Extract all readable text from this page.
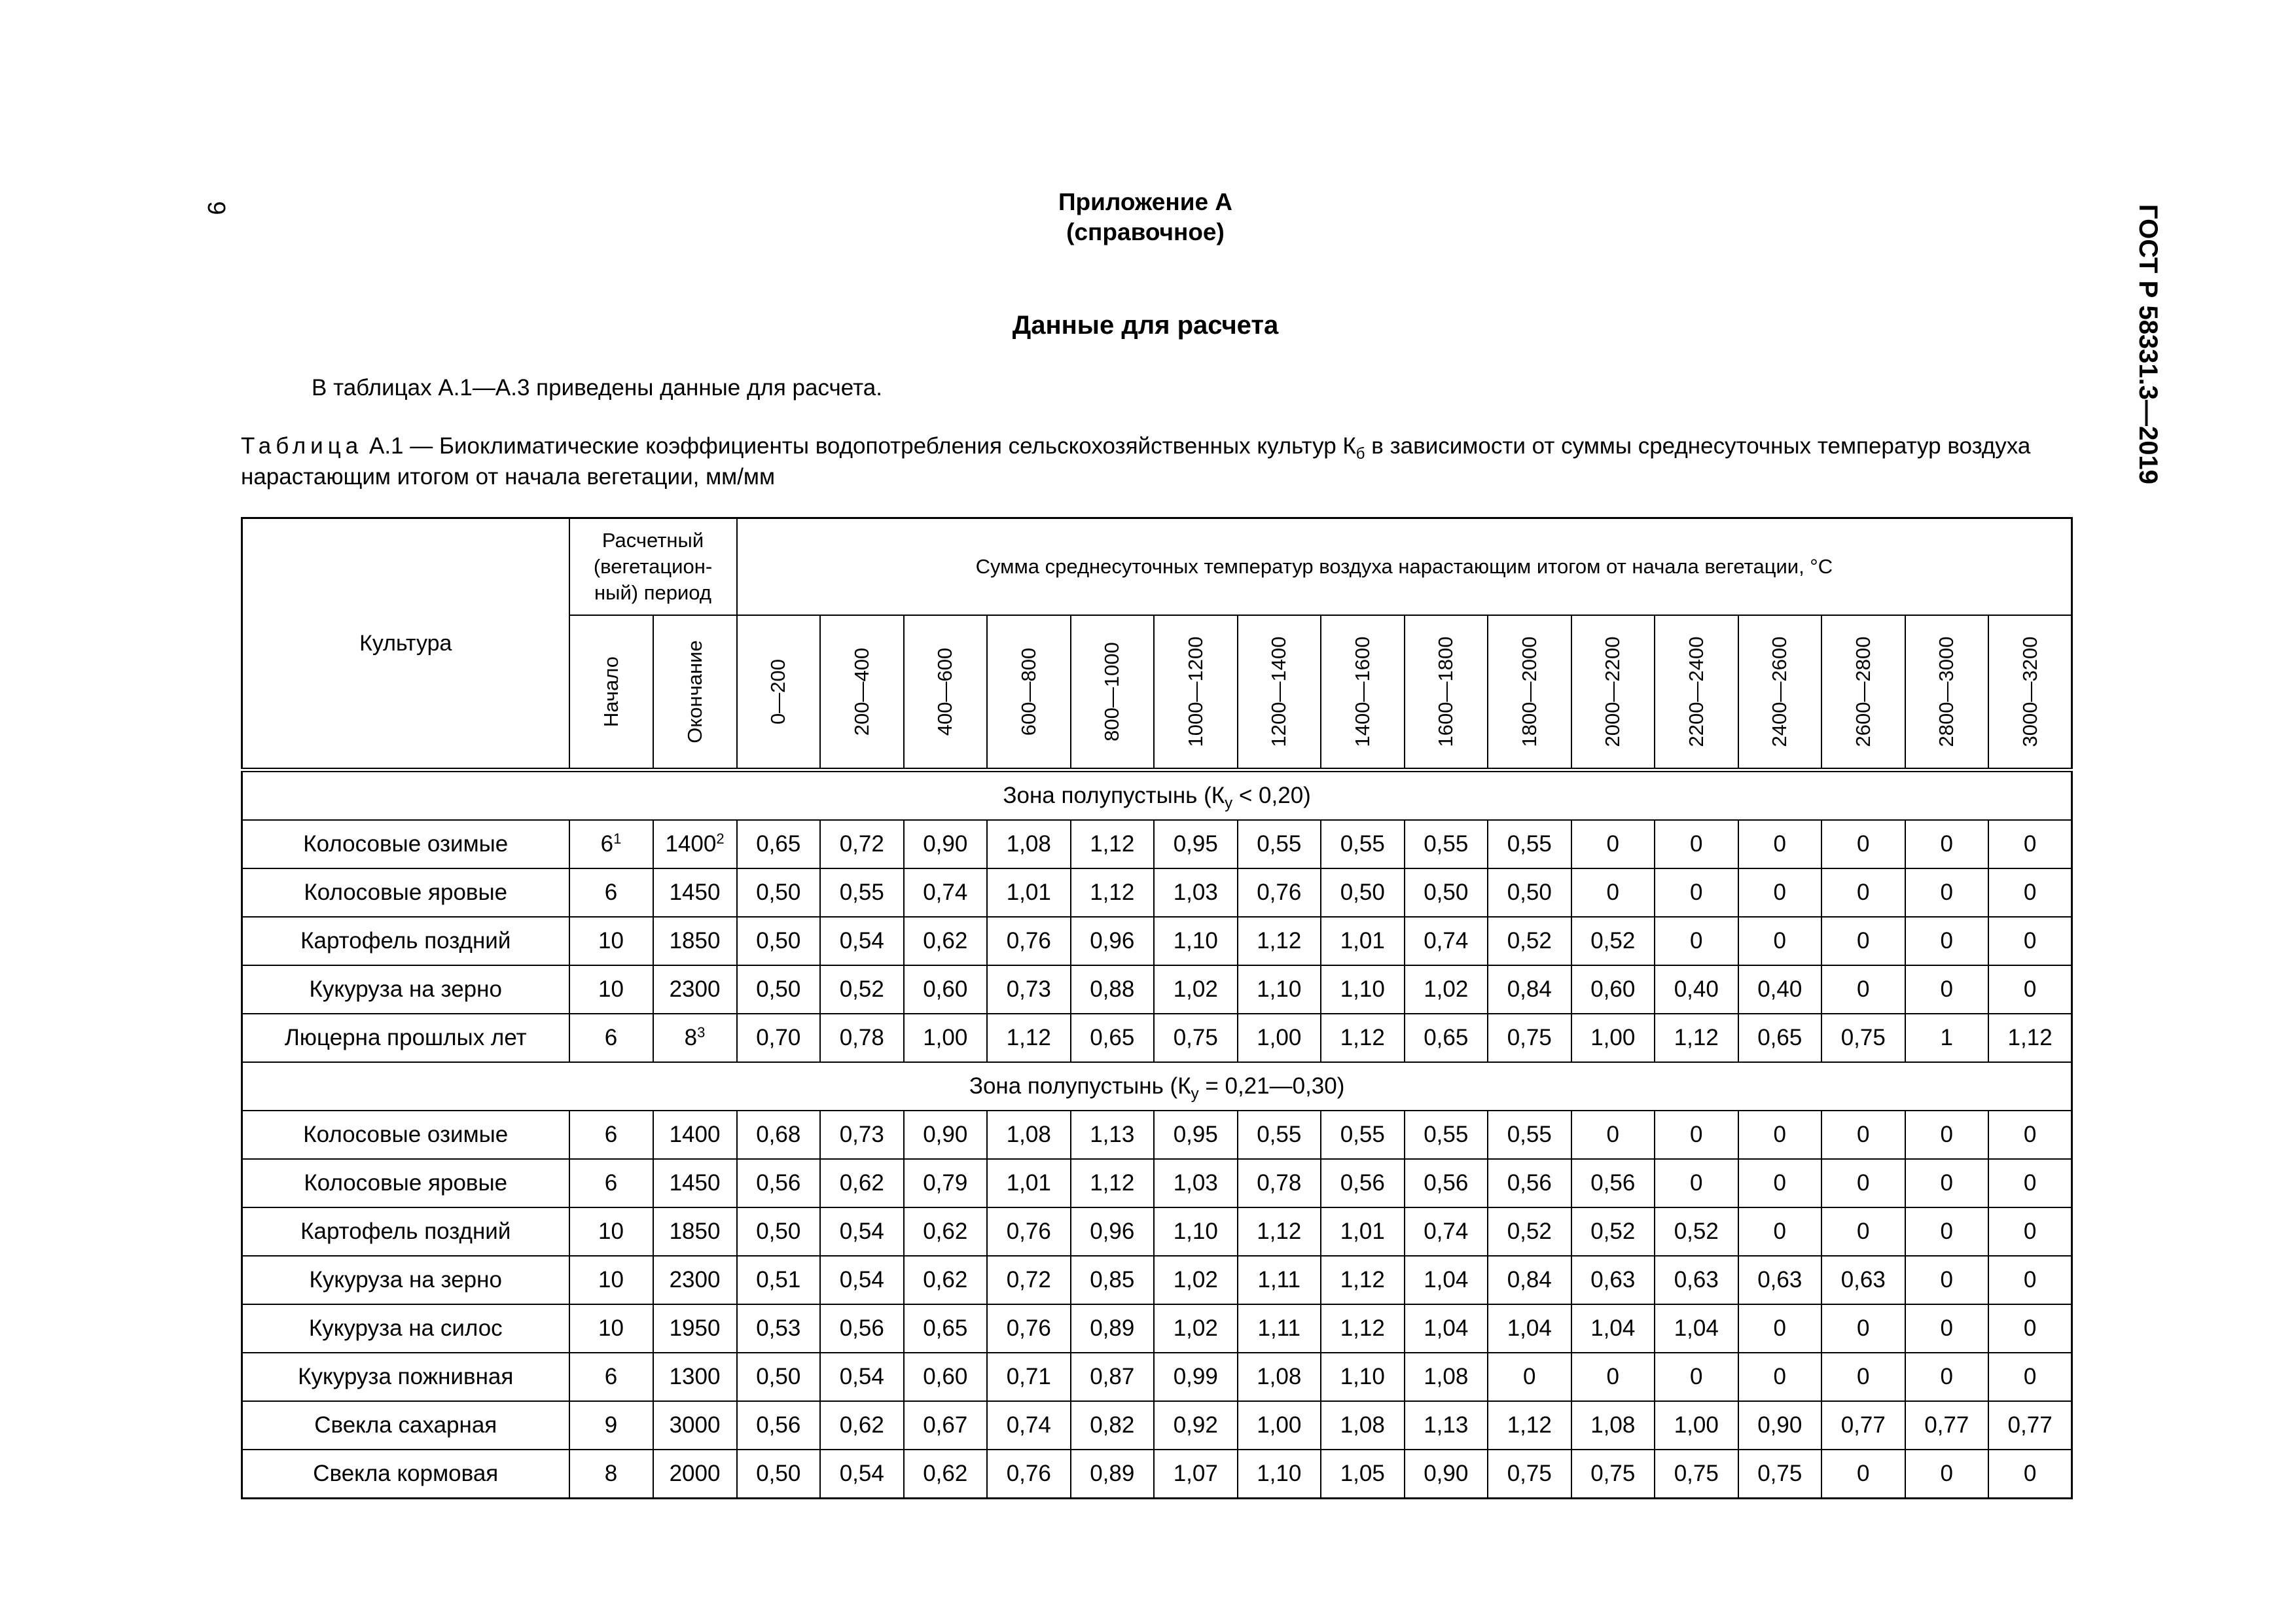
9	ГОСТ Р 58331.3—2019
Приложение А
(справочное)
Данные для расчета
В таблицах А.1—А.3 приведены данные для расчета.
Таблица А.1 — Биоклиматические коэффициенты водопотребления сельскохозяйственных культур $К_б$ в зависимости от суммы среднесуточных температур воздуха нарастающим итогом от начала вегетации, мм/мм
Культура	Расчетный
(вегетацион-
ный) период		Сумма среднесуточных температур воздуха нарастающим итогом от начала вегетации, °С															

	Начало	Окончание	0—200	200—400	400—600	600—800	800—1000	1000—1200	1200—1400	1400—1600	1600—1800	1800—2000	2000—2200	2200—2400	2400—2600	2600—2800	2800—3000	3000—3200

Зона полупустынь $(К_у < 0,20)$																		
Колосовые озимые	$6^1$	1400$^2$	0,65	0,72	0,90	1,08	1,12	0,95	0,55	0,55	0,55	0,55	0	0	0	0	0	0
Колосовые яровые	6	1450	0,50	0,55	0,74	1,01	1,12	1,03	0,76	0,50	0,50	0,50	0	0	0	0	0	0
Картофель поздний	10	1850	0,50	0,54	0,62	0,76	0,96	1,10	1,12	1,01	0,74	0,52	0,52	0	0	0	0	0
Кукуруза на зерно	10	2300	0,50	0,52	0,60	0,73	0,88	1,02	1,10	1,10	1,02	0,84	0,60	0,40	0,40	0	0	0
Люцерна прошлых лет	6	$8^3$	0,70	0,78	1,00	1,12	0,65	0,75	1,00	1,12	0,65	0,75	1,00	1,12	0,65	0,75	1	1,12
Зона полупустынь ($К_у$ = 0,21—0,30)																		
Колосовые озимые	6	1400	0,68	0,73	0,90	1,08	1,13	0,95	0,55	0,55	0,55	0,55	0	0	0	0	0	0
Колосовые яровые	6	1450	0,56	0,62	0,79	1,01	1,12	1,03	0,78	0,56	0,56	0,56	0,56	0	0	0	0	0
Картофель поздний	10	1850	0,50	0,54	0,62	0,76	0,96	1,10	1,12	1,01	0,74	0,52	0,52	0,52	0	0	0	0
Кукуруза на зерно	10	2300	0,51	0,54	0,62	0,72	0,85	1,02	1,11	1,12	1,04	0,84	0,63	0,63	0,63	0,63	0	0
Кукуруза на силос	10	1950	0,53	0,56	0,65	0,76	0,89	1,02	1,11	1,12	1,04	1,04	1,04	1,04	0	0	0	0
Кукуруза пожнивная	6	1300	0,50	0,54	0,60	0,71	0,87	0,99	1,08	1,10	1,08	0	0	0	0	0	0	0
Свекла сахарная	9	3000	0,56	0,62	0,67	0,74	0,82	0,92	1,00	1,08	1,13	1,12	1,08	1,00	0,90	0,77	0,77	0,77
Свекла кормовая	8	2000	0,50	0,54	0,62	0,76	0,89	1,07	1,10	1,05	0,90	0,75	0,75	0,75	0,75	0	0	0
